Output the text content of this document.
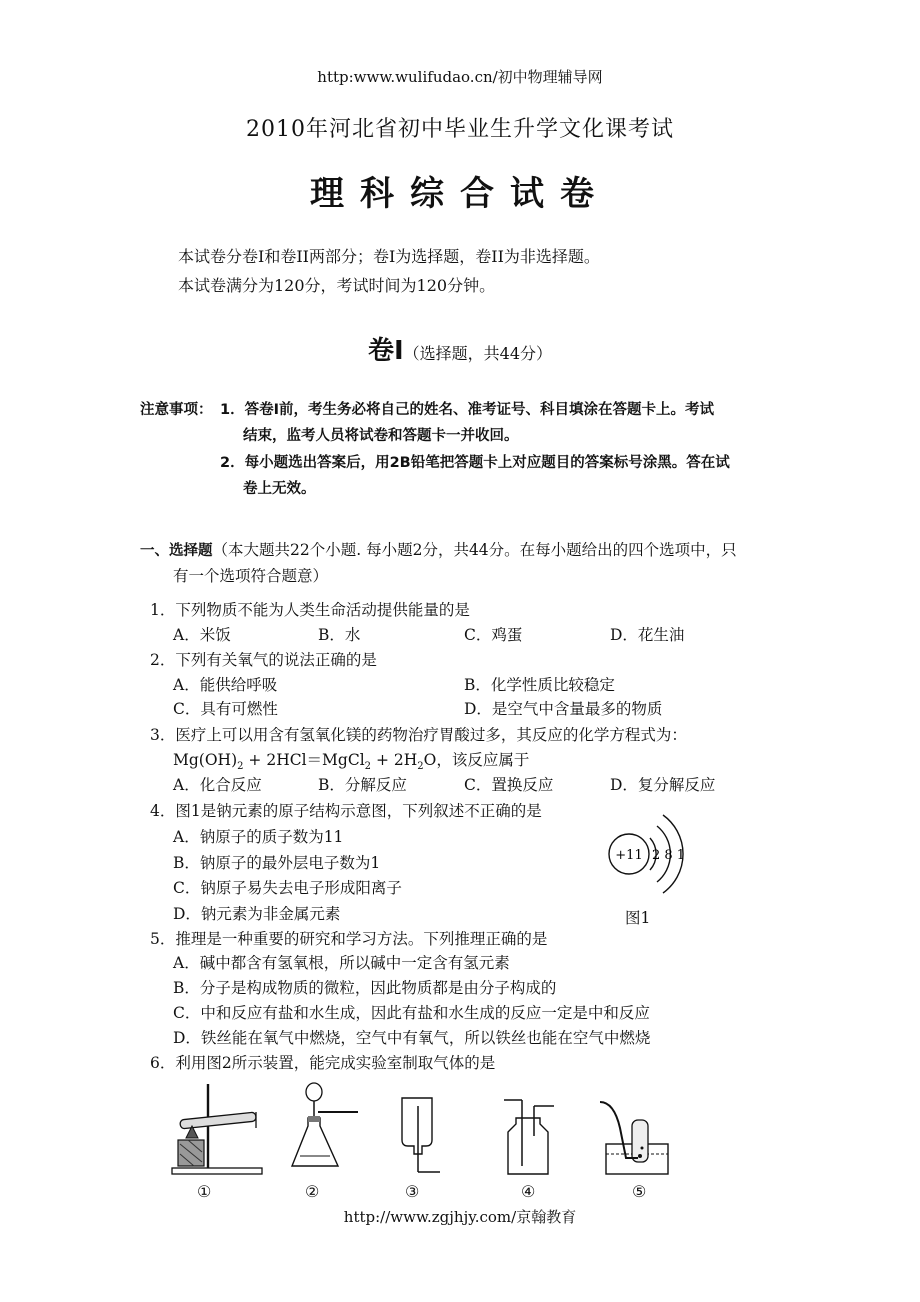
http:www.wulifudao.cn/初中物理辅导网
2010年河北省初中毕业生升学文化课考试
理科综合试卷
本试卷分卷I和卷II两部分；卷I为选择题，卷II为非选择题。
本试卷满分为120分，考试时间为120分钟。
卷I（选择题，共44分）
注意事项： 1．答卷I前，考生务必将自己的姓名、准考证号、科目填涂在答题卡上。考试
结束，监考人员将试卷和答题卡一并收回。
2．每小题选出答案后，用2B铅笔把答题卡上对应题目的答案标号涂黑。答在试
卷上无效。
一、选择题（本大题共22个小题. 每小题2分，共44分。在每小题给出的四个选项中，只
有一个选项符合题意）
1．下列物质不能为人类生命活动提供能量的是
A．米饭	B．水	C．鸡蛋	D．花生油
2．下列有关氧气的说法正确的是
A．能供给呼吸	B．化学性质比较稳定
C．具有可燃性	D．是空气中含量最多的物质
3．医疗上可以用含有氢氧化镁的药物治疗胃酸过多，其反应的化学方程式为：
$Mg(OH)_2$ + 2HCl＝MgCl$_2$ + $2H_2O$，该反应属于
A．化合反应	B．分解反应	C．置换反应	D．复分解反应
4．图1是钠元素的原子结构示意图，下列叙述不正确的是
A．钠原子的质子数为11
B．钠原子的最外层电子数为1
C．钠原子易失去电子形成阳离子
D．钠元素为非金属元素
+11 2 8 1
图1
5．推理是一种重要的研究和学习方法。下列推理正确的是
A．碱中都含有氢氧根，所以碱中一定含有氢元素
B．分子是构成物质的微粒，因此物质都是由分子构成的
C．中和反应有盐和水生成，因此有盐和水生成的反应一定是中和反应
D．铁丝能在氧气中燃烧，空气中有氧气，所以铁丝也能在空气中燃烧
6．利用图2所示装置，能完成实验室制取气体的是
①	②	③	④	⑤
http://www.zgjhjy.com/京翰教育
